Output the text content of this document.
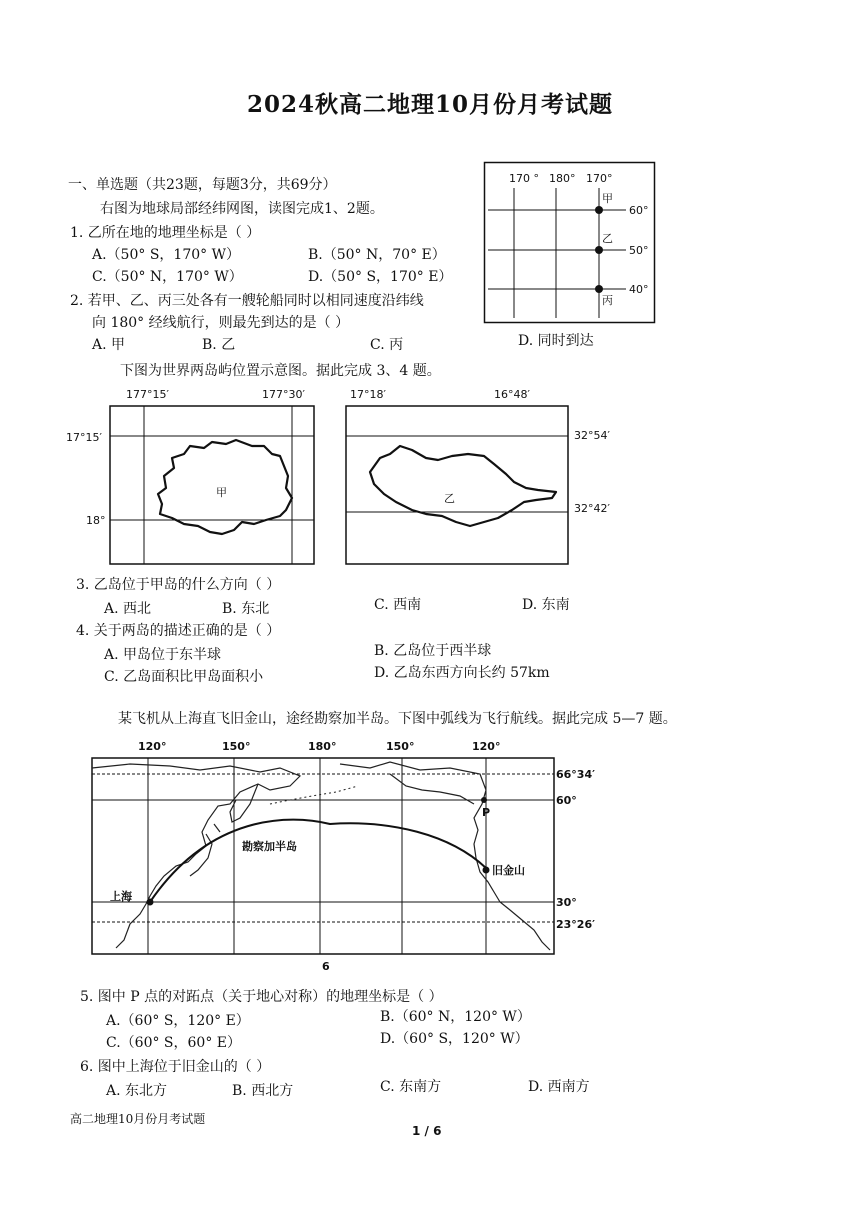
2024秋高二地理10月份月考试题
一、单选题（共23题，每题3分，共69分）
右图为地球局部经纬网图，读图完成1、2题。
1. 乙所在地的地理坐标是（ ）
A.（50° S，170° W）	B.（50° N，70° E）
C.（50° N，170° W）	D.（50° S，170° E）
2. 若甲、乙、丙三处各有一艘轮船同时以相同速度沿纬线
向 180° 经线航行，则最先到达的是（ ）
A. 甲	B. 乙	C. 丙	D. 同时到达
170 ° 180° 170°
60°
50°
40°
甲
乙
丙
下图为世界两岛屿位置示意图。据此完成 3、4 题。
177°15′	177°30′
17°15′
18°
甲
17°18′	16°48′
32°54′
32°42′
乙
3. 乙岛位于甲岛的什么方向（ ）
A. 西北	B. 东北	C. 西南	D. 东南
4. 关于两岛的描述正确的是（ ）
A. 甲岛位于东半球	B. 乙岛位于西半球
C. 乙岛面积比甲岛面积小	D. 乙岛东西方向长约 57km
某飞机从上海直飞旧金山，途经勘察加半岛。下图中弧线为飞行航线。据此完成 5—7 题。
120°	150°	180°	150°	120°
66°34′
60°
30°
23°26′
P
勘察加半岛
上海
旧金山
6
5. 图中 P 点的对跖点（关于地心对称）的地理坐标是（ ）
A.（60° S，120° E）	B.（60° N，120° W）
C.（60° S，60° E）	D.（60° S，120° W）
6. 图中上海位于旧金山的（ ）
A. 东北方	B. 西北方	C. 东南方	D. 西南方
高二地理10月份月考试题
1 / 6
